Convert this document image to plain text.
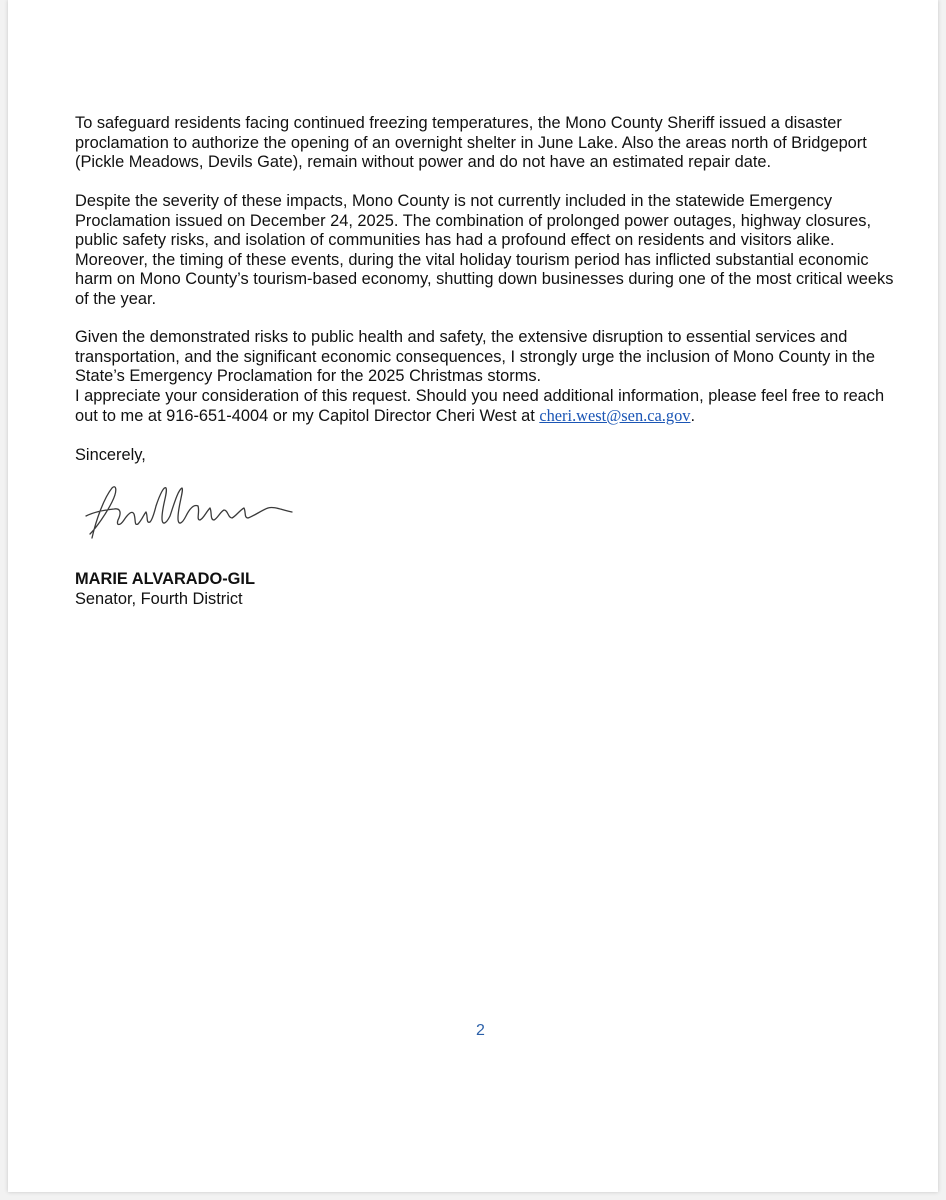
To safeguard residents facing continued freezing temperatures, the Mono County Sheriff issued a disaster proclamation to authorize the opening of an overnight shelter in June Lake. Also the areas north of Bridgeport (Pickle Meadows, Devils Gate), remain without power and do not have an estimated repair date.

Despite the severity of these impacts, Mono County is not currently included in the statewide Emergency Proclamation issued on December 24, 2025. The combination of prolonged power outages, highway closures, public safety risks, and isolation of communities has had a profound effect on residents and visitors alike. Moreover, the timing of these events, during the vital holiday tourism period has inflicted substantial economic harm on Mono County’s tourism-based economy, shutting down businesses during one of the most critical weeks of the year.

Given the demonstrated risks to public health and safety, the extensive disruption to essential services and transportation, and the significant economic consequences, I strongly urge the inclusion of Mono County in the State’s Emergency Proclamation for the 2025 Christmas storms.

I appreciate your consideration of this request. Should you need additional information, please feel free to reach out to me at 916-651-4004 or my Capitol Director Cheri West at cheri.west@sen.ca.gov.

Sincerely,
MARIE ALVARADO-GIL
Senator, Fourth District
2
